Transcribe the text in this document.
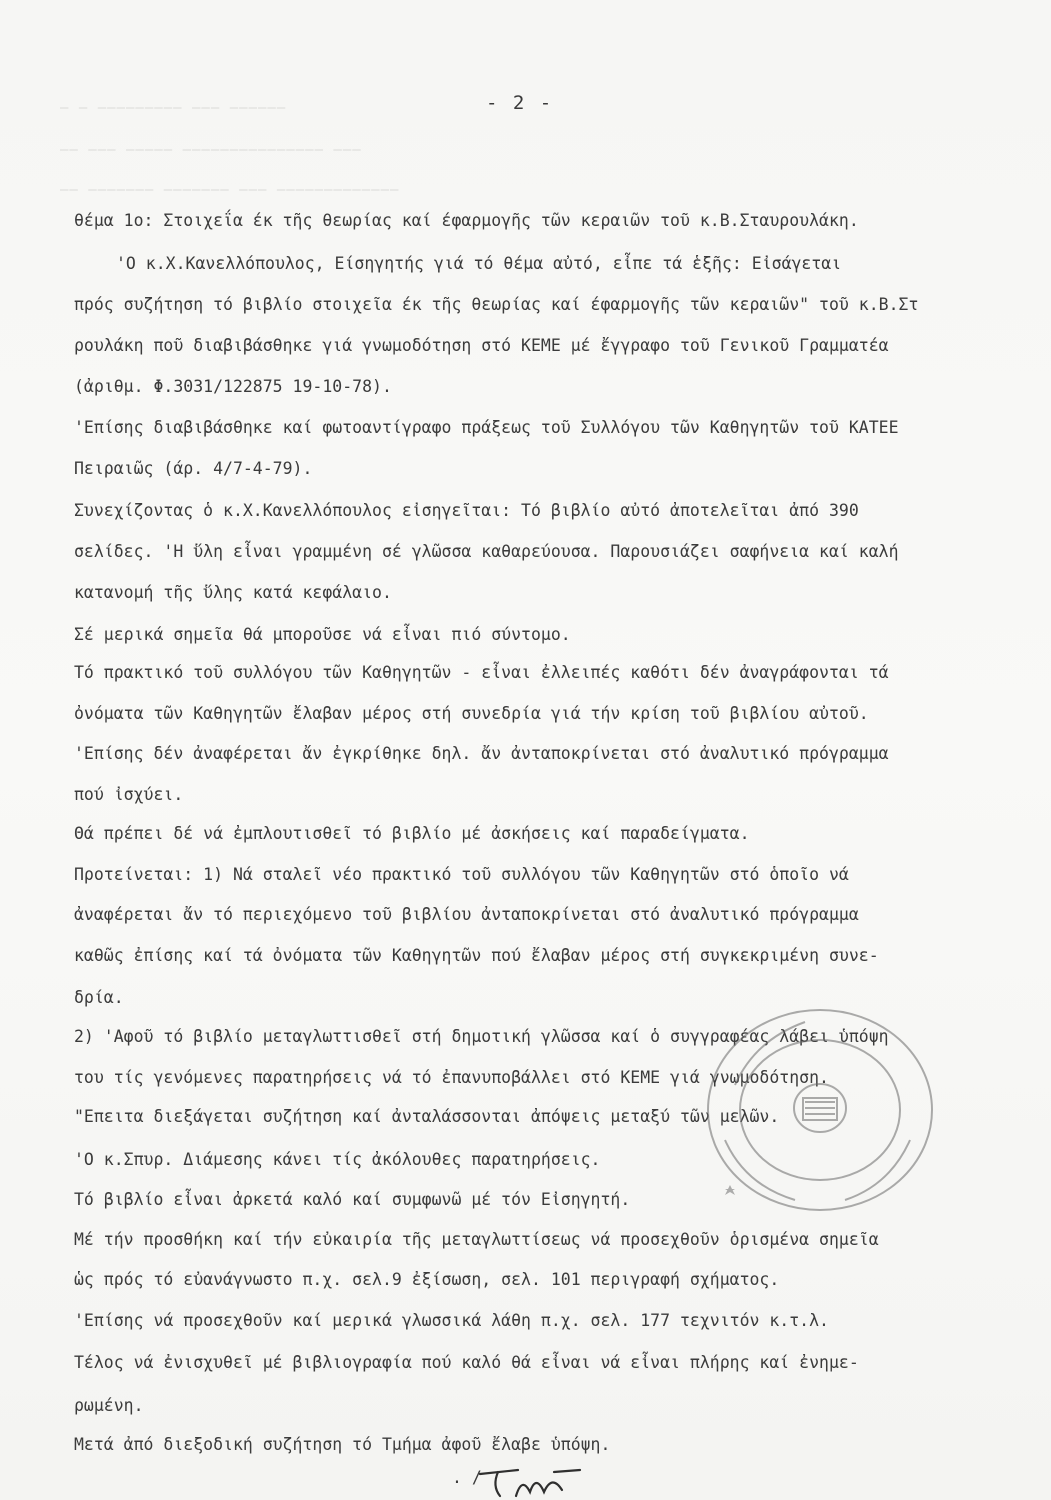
― ― ――――――――― ――― ――――――
―― ――― ――――― ――――――――――――――― ―――
―― ――――――― ――――――― ――― ―――――――――――――
- 2 -
θέμα 1ο: Στοιχεΐα έκ τῆς θεωρίας καί έφαρμογῆς τῶν κεραιῶν τοῦ κ.Β.Σταυρουλάκη.
'Ο κ.Χ.Κανελλόπουλος, Είσηγητής γιά τό θέμα αὐτό, εἶπε τά ἑξῆς: Εἰσάγεται
πρός συζήτηση τό βιβλίο στοιχεῖα έκ τῆς θεωρίας καί έφαρμογῆς τῶν κεραιῶν" τοῦ κ.Β.Στ
ρουλάκη ποῦ διαβιβάσθηκε γιά γνωμοδότηση στό ΚΕΜΕ μέ ἔγγραφο τοῦ Γενικοῦ Γραμματέα
(ἀριθμ. Φ.3031/122875 19-10-78).
'Επίσης διαβιβάσθηκε καί φωτοαντίγραφο πράξεως τοῦ Συλλόγου τῶν Καθηγητῶν τοῦ ΚΑΤΕΕ
Πειραιῶς (άρ. 4/7-4-79).
Συνεχίζοντας ὁ κ.Χ.Κανελλόπουλος εἰσηγεῖται: Τό βιβλίο αὐτό ἀποτελεῖται ἀπό 390
σελίδες. 'Η ὕλη εἶναι γραμμένη σέ γλῶσσα καθαρεύουσα. Παρουσιάζει σαφήνεια καί καλή
κατανομή τῆς ὕλης κατά κεφάλαιο.
Σέ μερικά σημεῖα θά μποροῦσε νά εἶναι πιό σύντομο.
Τό πρακτικό τοῦ συλλόγου τῶν Καθηγητῶν - εἶναι ἐλλειπές καθότι δέν ἀναγράφονται τά
ὀνόματα τῶν Καθηγητῶν ἔλαβαν μέρος στή συνεδρία γιά τήν κρίση τοῦ βιβλίου αὐτοῦ.
'Επίσης δέν ἀναφέρεται ἄν ἐγκρίθηκε δηλ. ἄν ἀνταποκρίνεται στό ἀναλυτικό πρόγραμμα
πού ἰσχύει.
Θά πρέπει δέ νά ἐμπλουτισθεῖ τό βιβλίο μέ ἀσκήσεις καί παραδείγματα.
Προτείνεται: 1) Νά σταλεῖ νέο πρακτικό τοῦ συλλόγου τῶν Καθηγητῶν στό ὁποῖο νά
ἀναφέρεται ἄν τό περιεχόμενο τοῦ βιβλίου ἀνταποκρίνεται στό ἀναλυτικό πρόγραμμα
καθῶς ἐπίσης καί τά ὀνόματα τῶν Καθηγητῶν πού ἔλαβαν μέρος στή συγκεκριμένη συνε-
δρία.
2) 'Αφοῦ τό βιβλίο μεταγλωττισθεῖ στή δημοτική γλῶσσα καί ὁ συγγραφέας λάβει ὑπόψη
του τίς γενόμενες παρατηρήσεις νά τό ἐπανυποβάλλει στό ΚΕΜΕ γιά γνωμοδότηση.
"Επειτα διεξάγεται συζήτηση καί ἀνταλάσσονται ἀπόψεις μεταξύ τῶν μελῶν.
'Ο κ.Σπυρ. Διάμεσης κάνει τίς ἀκόλουθες παρατηρήσεις.
Τό βιβλίο εἶναι ἀρκετά καλό καί συμφωνῶ μέ τόν Εἰσηγητή.
Μέ τήν προσθήκη καί τήν εὐκαιρία τῆς μεταγλωττίσεως νά προσεχθοῦν ὁρισμένα σημεῖα
ὡς πρός τό εὐανάγνωστο π.χ. σελ.9 ἐξίσωση, σελ. 101 περιγραφή σχήματος.
'Επίσης νά προσεχθοῦν καί μερικά γλωσσικά λάθη π.χ. σελ. 177 τεχνιτόν κ.τ.λ.
Τέλος νά ἐνισχυθεῖ μέ βιβλιογραφία πού καλό θά εἶναι νά εἶναι πλήρης καί ἐνημε-
ρωμένη.
Μετά ἀπό διεξοδική συζήτηση τό Τμήμα ἀφοῦ ἔλαβε ὑπόψη.
. /
